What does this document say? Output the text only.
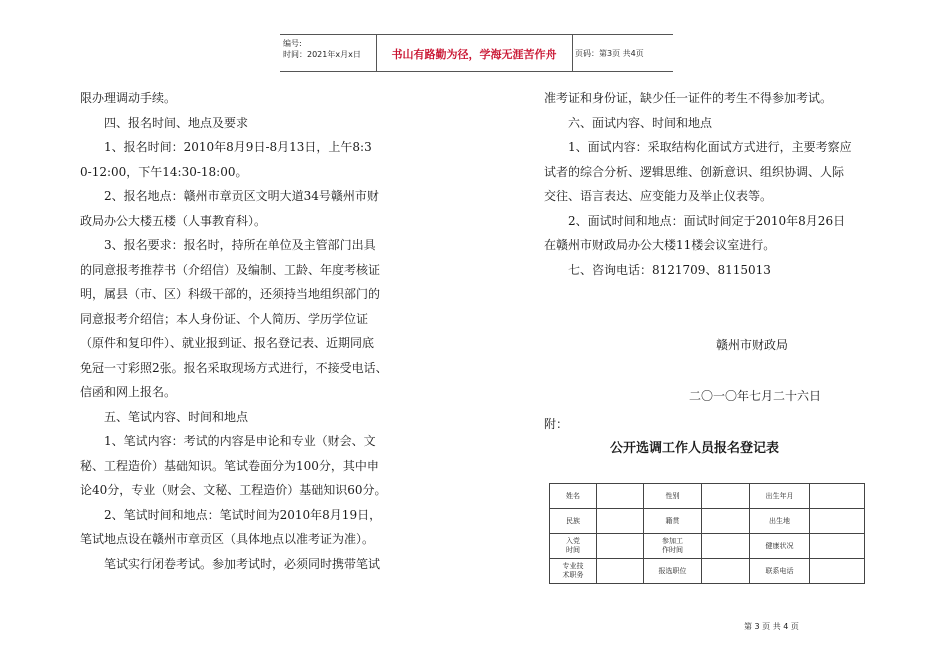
编号:
时间：2021年x月x日	书山有路勤为径，学海无涯苦作舟	页码：第3页 共4页
限办理调动手续。
　　四、报名时间、地点及要求
　　1、报名时间：2010年8月9日-8月13日，上午8:3
0-12:00，下午14:30-18:00。
　　2、报名地点：赣州市章贡区文明大道34号赣州市财
政局办公大楼五楼（人事教育科）。
　　3、报名要求：报名时，持所在单位及主管部门出具
的同意报考推荐书（介绍信）及编制、工龄、年度考核证
明，属县（市、区）科级干部的，还须持当地组织部门的
同意报考介绍信；本人身份证、个人简历、学历学位证
（原件和复印件）、就业报到证、报名登记表、近期同底
免冠一寸彩照2张。报名采取现场方式进行，不接受电话、
信函和网上报名。
　　五、笔试内容、时间和地点
　　1、笔试内容：考试的内容是申论和专业（财会、文
秘、工程造价）基础知识。笔试卷面分为100分，其中申
论40分，专业（财会、文秘、工程造价）基础知识60分。
　　2、笔试时间和地点：笔试时间为2010年8月19日，
笔试地点设在赣州市章贡区（具体地点以准考证为准）。
　　笔试实行闭卷考试。参加考试时，必须同时携带笔试
准考证和身份证，缺少任一证件的考生不得参加考试。
　　六、面试内容、时间和地点
　　1、面试内容：采取结构化面试方式进行，主要考察应
试者的综合分析、逻辑思维、创新意识、组织协调、人际
交往、语言表达、应变能力及举止仪表等。
　　2、面试时间和地点：面试时间定于2010年8月26日
在赣州市财政局办公大楼11楼会议室进行。
　　七、咨询电话：8121709、8115013
赣州市财政局
二〇一〇年七月二十六日
附：
公开选调工作人员报名登记表
姓名		性别		出生年月	
民族		籍贯		出生地	
入党
时间		参加工
作时间		健康状况	
专业技
术职务		报选职位		联系电话	
第 3 页 共 4 页
